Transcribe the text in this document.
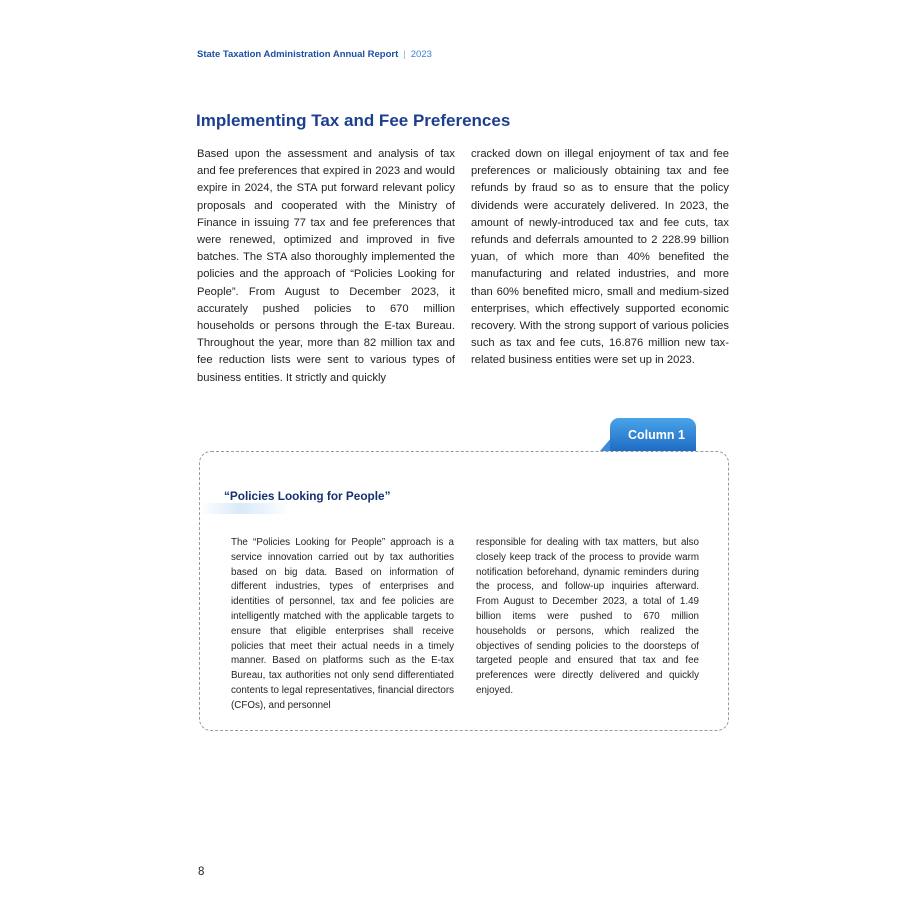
State Taxation Administration Annual Report | 2023
Implementing Tax and Fee Preferences

Based upon the assessment and analysis of tax and fee preferences that expired in 2023 and would expire in 2024, the STA put forward relevant policy proposals and cooperated with the Ministry of Finance in issuing 77 tax and fee preferences that were renewed, optimized and improved in five batches. The STA also thoroughly implemented the policies and the approach of “Policies Looking for People”. From August to December 2023, it accurately pushed policies to 670 million households or persons through the E-tax Bureau. Throughout the year, more than 82 million tax and fee reduction lists were sent to various types of business entities. It strictly and quickly

cracked down on illegal enjoyment of tax and fee preferences or maliciously obtaining tax and fee refunds by fraud so as to ensure that the policy dividends were accurately delivered. In 2023, the amount of newly-introduced tax and fee cuts, tax refunds and deferrals amounted to 2 228.99 billion yuan, of which more than 40% benefited the manufacturing and related industries, and more than 60% benefited micro, small and medium-sized enterprises, which effectively supported economic recovery. With the strong support of various policies such as tax and fee cuts, 16.876 million new tax-related business entities were set up in 2023.

Column 1
“Policies Looking for People”

The “Policies Looking for People” approach is a service innovation carried out by tax authorities based on big data. Based on information of different industries, types of enterprises and identities of personnel, tax and fee policies are intelligently matched with the applicable targets to ensure that eligible enterprises shall receive policies that meet their actual needs in a timely manner. Based on platforms such as the E-tax Bureau, tax authorities not only send differentiated contents to legal representatives, financial directors (CFOs), and personnel

responsible for dealing with tax matters, but also closely keep track of the process to provide warm notification beforehand, dynamic reminders during the process, and follow-up inquiries afterward. From August to December 2023, a total of 1.49 billion items were pushed to 670 million households or persons, which realized the objectives of sending policies to the doorsteps of targeted people and ensured that tax and fee preferences were directly delivered and quickly enjoyed.

8
